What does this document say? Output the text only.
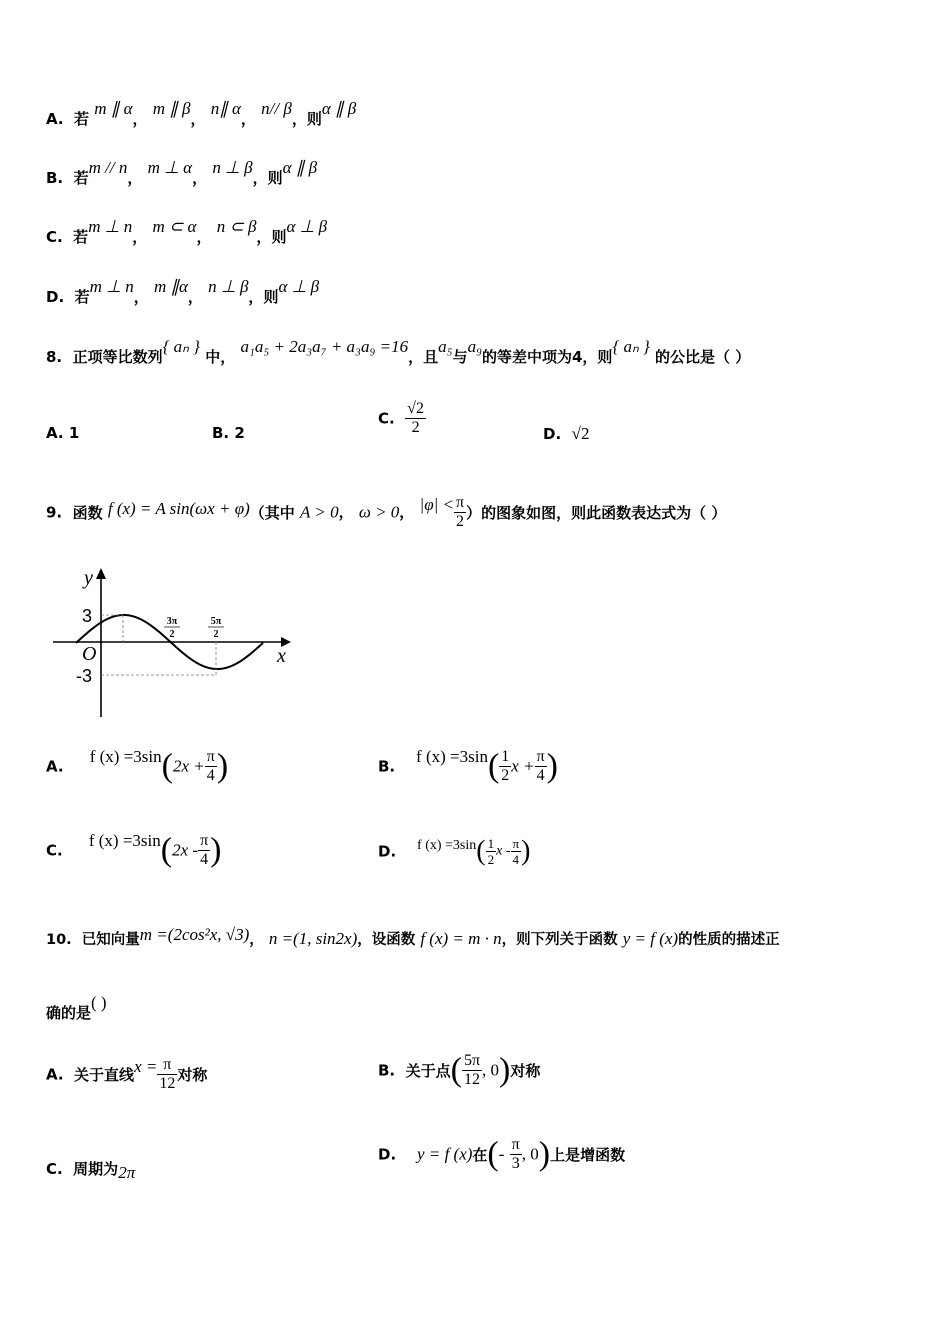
A. 若 m ∥ α， m ∥ β， n∥ α， n// β，则α ∥ β
B. 若m // n， m ⊥ α， n ⊥ β，则α ∥ β
C. 若m ⊥ n， m ⊂ α， n ⊂ β，则α ⊥ β
D. 若m ⊥ n， m ∥α， n ⊥ β，则α ⊥ β
8. 正项等比数列{ aₙ } 中， a₁a₅ + 2a₃a₇ + a₃a₉ =16，且a₅与a₉的等差中项为4，则{ aₙ } 的公比是（ ）
A. 1	B. 2
C. $\frac{√2}{2}$	D. √2
9. 函数 f (x) = A sin(ωx + φ)（其中 A > 0， ω > 0， $|\varphi| < \frac{\pi}{2}$ ）的图象如图，则此函数表达式为（ ）
y
x
O
3
-3
3π
2
5π
2
A.     f $(x) =3\sin(2x + \frac{\pi}{4}$ )	B.    f $(x) =3\sin( \frac{1}{2}$ $x + \frac{\pi}{4}$ )
C.     f $(x) =3\sin(2x - \frac{\pi}{4}$ )	D. f $(x) =3\sin( \frac{1}{2}$ x - $\frac{\pi}{4}$ )
10. 已知向量m =(2cos²x, √3)， n =(1, sin2x)，设函数 f (x) = m · n，则下列关于函数 y = f (x)的性质的描述正
确的是( )
A. 关于直线$x = \frac{\pi}{12}$ 对称	B. 关于点( $\frac{5\pi}{12}$ , 0)对称
C. 周期为2π
D. y = f (x)在(- $\frac{\pi}{3}$ , 0)上是增函数
